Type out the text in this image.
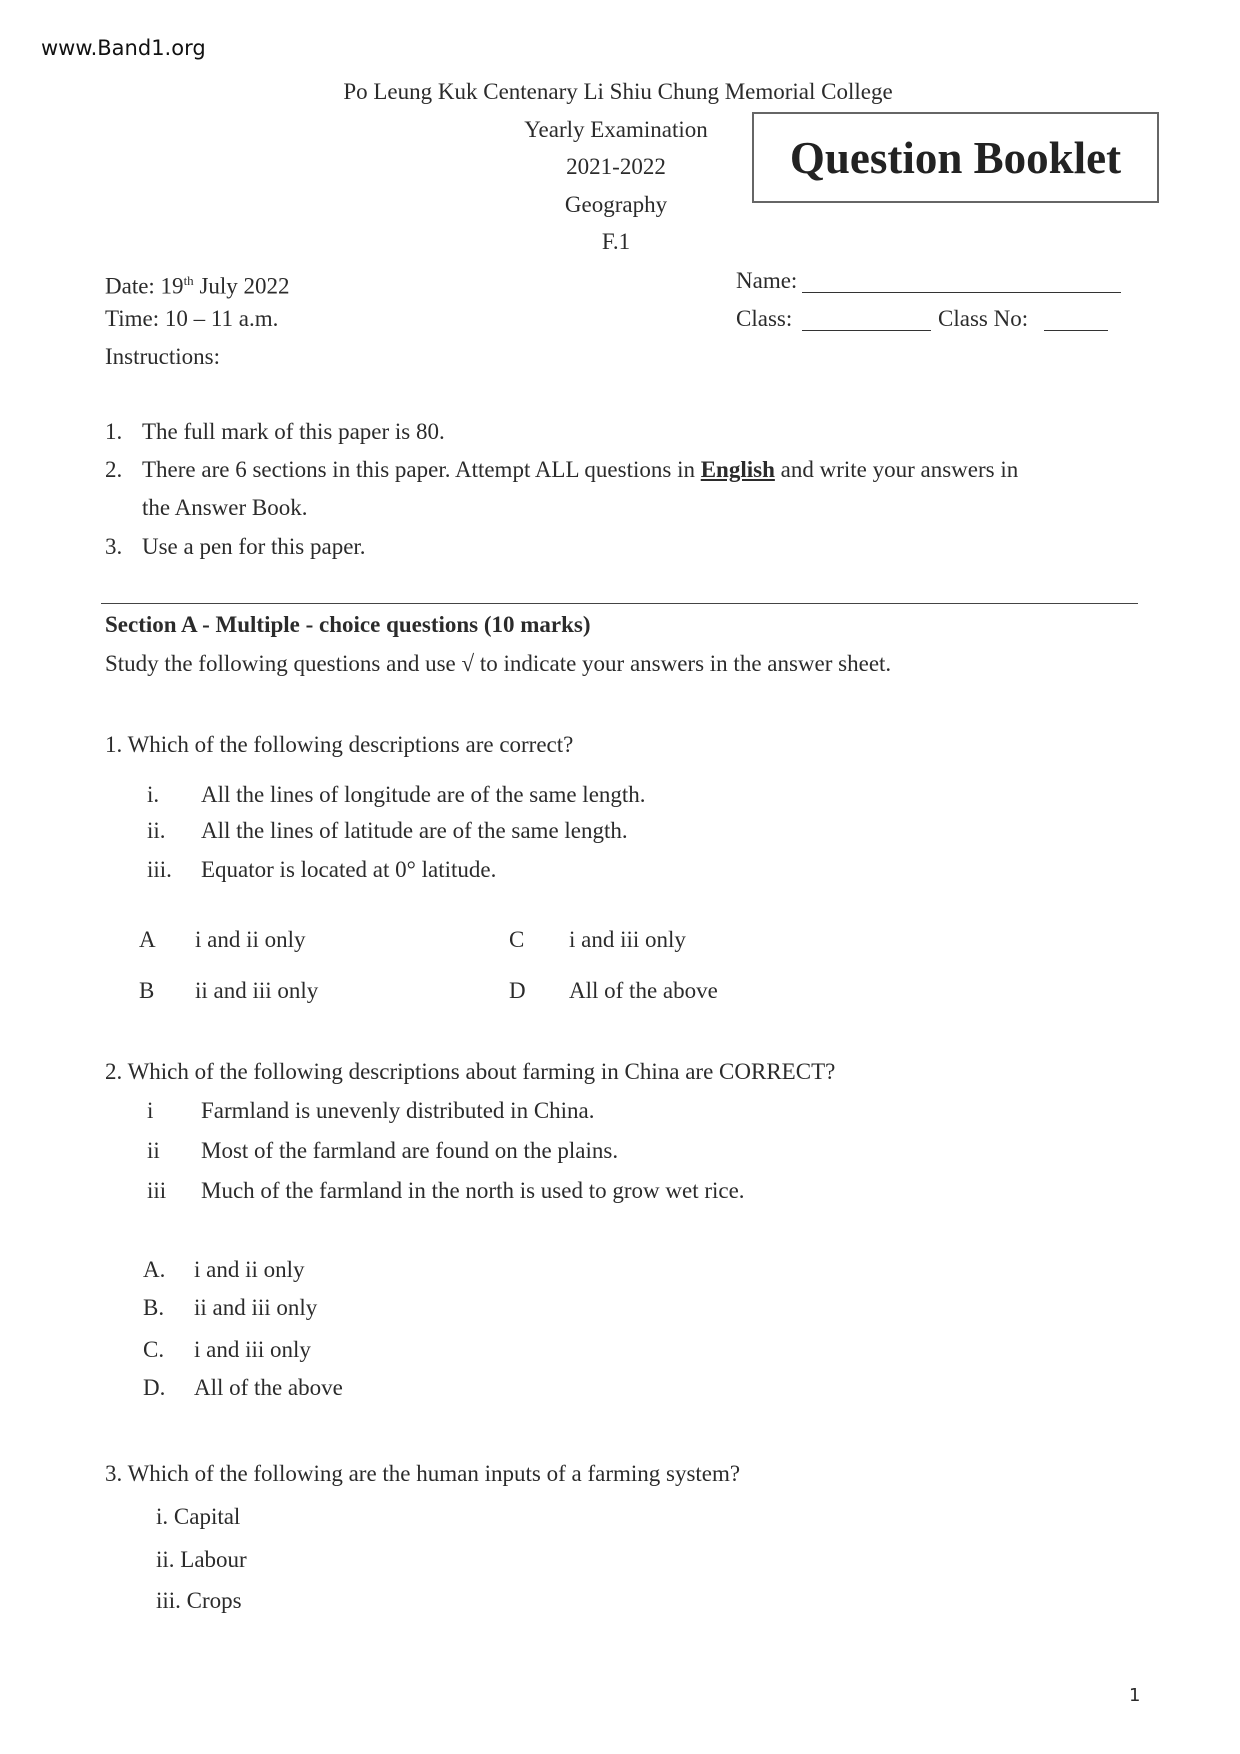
www.Band1.org
Po Leung Kuk Centenary Li Shiu Chung Memorial College
Yearly Examination
2021-2022
Geography
F.1
Question Booklet
Date: 19th July 2022
Time: 10 – 11 a.m.
Instructions:
Name:
Class:	Class No:
1. The full mark of this paper is 80.
2. There are 6 sections in this paper. Attempt ALL questions in English and write your answers in
the Answer Book.
3. Use a pen for this paper.
Section A - Multiple - choice questions (10 marks)
Study the following questions and use √ to indicate your answers in the answer sheet.
1. Which of the following descriptions are correct?
i. All the lines of longitude are of the same length.
ii. All the lines of latitude are of the same length.
iii. Equator is located at 0° latitude.
A i and ii only
B ii and iii only
C i and iii only
D All of the above
2. Which of the following descriptions about farming in China are CORRECT?
i Farmland is unevenly distributed in China.
ii Most of the farmland are found on the plains.
iii Much of the farmland in the north is used to grow wet rice.
A. i and ii only
B. ii and iii only
C. i and iii only
D. All of the above
3. Which of the following are the human inputs of a farming system?
i. Capital
ii. Labour
iii. Crops
1
